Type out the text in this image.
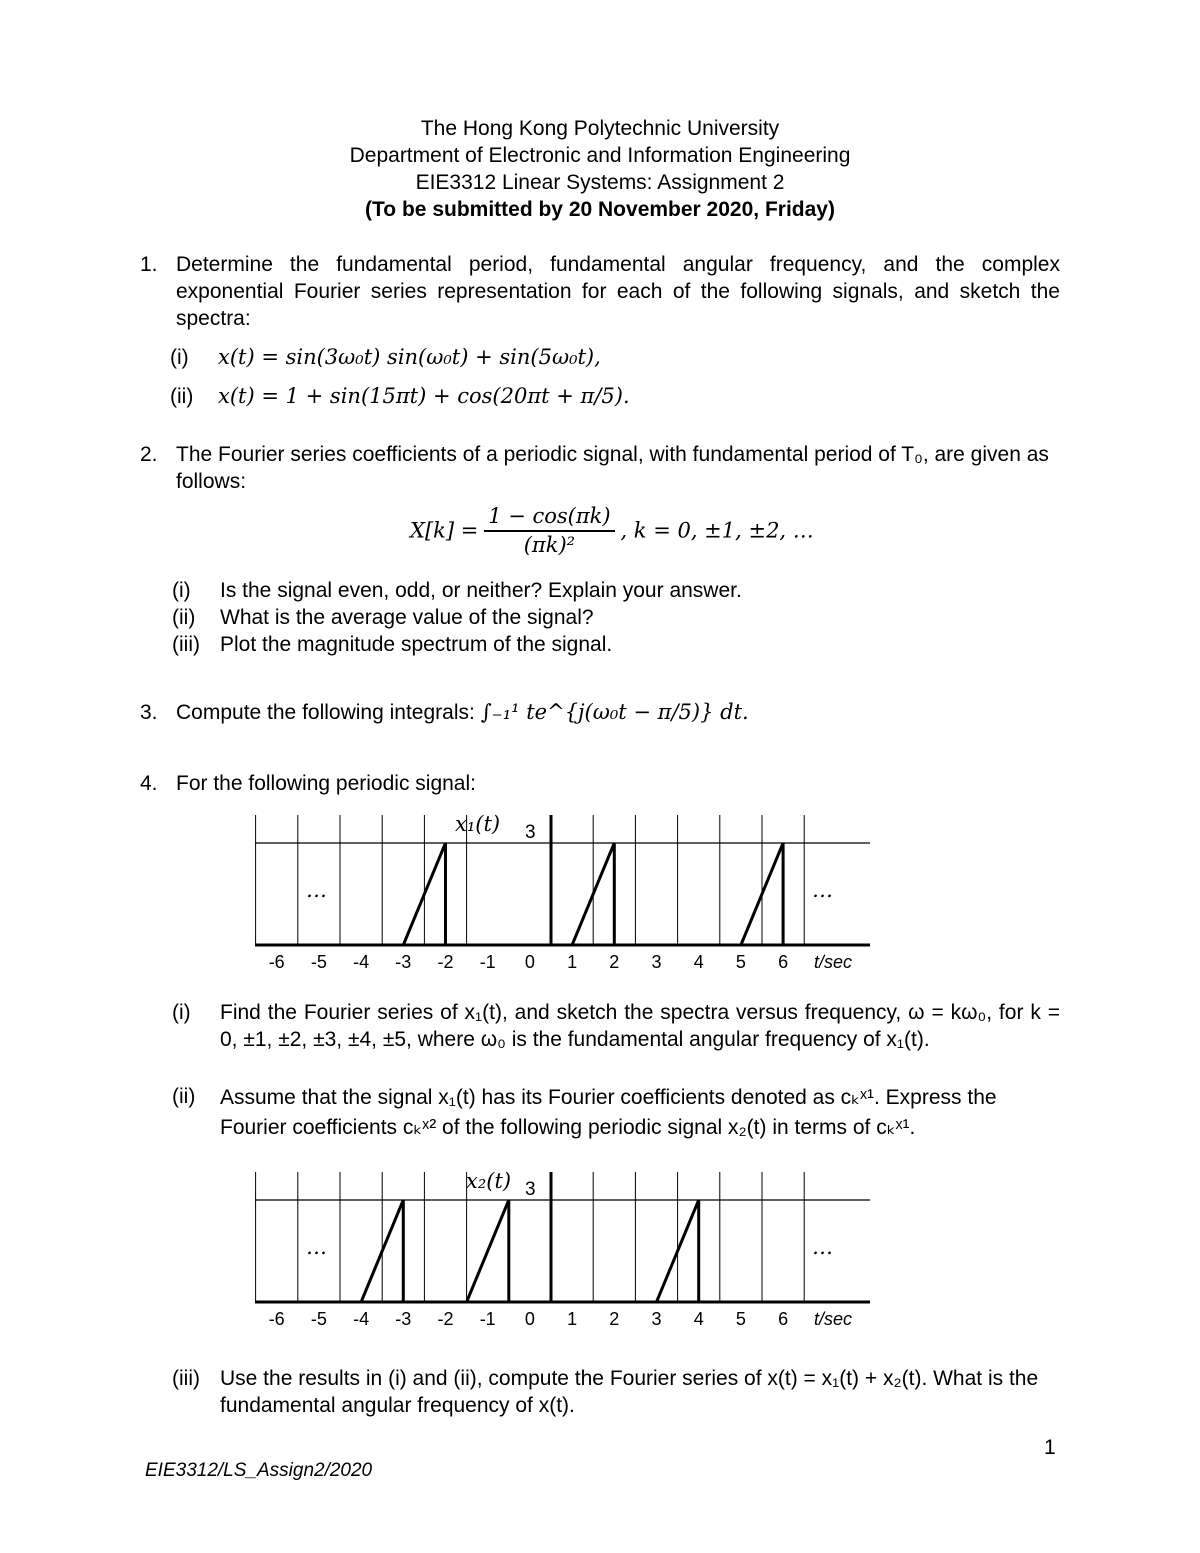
The Hong Kong Polytechnic University
Department of Electronic and Information Engineering
EIE3312 Linear Systems: Assignment 2
(To be submitted by 20 November 2020, Friday)
1. Determine the fundamental period, fundamental angular frequency, and the complex exponential Fourier series representation for each of the following signals, and sketch the spectra:
(i) x(t) = sin(3ω₀t) sin(ω₀t) + sin(5ω₀t),
(ii) x(t) = 1 + sin(15πt) + cos(20πt + π/5).
2. The Fourier series coefficients of a periodic signal, with fundamental period of T₀, are given as follows:
$X[k] = \frac{1 - \cos(\pi k)}{\text{(πk)²}}$ , k = 0, ±1, ±2, …
(i) Is the signal even, odd, or neither? Explain your answer.
(ii) What is the average value of the signal?
(iii) Plot the magnitude spectrum of the signal.
3. Compute the following integrals: ∫₋₁¹ te^{j(ω₀t − π/5)} dt.
4. For the following periodic signal:
x₁(t) 3
…	…
-6 -5 -4 -3 -2 -1 0 1 2 3 4 5 6 t/sec
(i) Find the Fourier series of x₁(t), and sketch the spectra versus frequency, ω = kω₀, for k = 0, ±1, ±2, ±3, ±4, ±5, where ω₀ is the fundamental angular frequency of x₁(t).
(ii) Assume that the signal x₁(t) has its Fourier coefficients denoted as cₖˣ¹. Express the Fourier coefficients cₖˣ² of the following periodic signal x₂(t) in terms of cₖˣ¹.
x₂(t) 3
…	…
-6 -5 -4 -3 -2 -1 0 1 2 3 4 5 6 t/sec
(iii) Use the results in (i) and (ii), compute the Fourier series of x(t) = x₁(t) + x₂(t). What is the fundamental angular frequency of x(t).
1
EIE3312/LS_Assign2/2020
